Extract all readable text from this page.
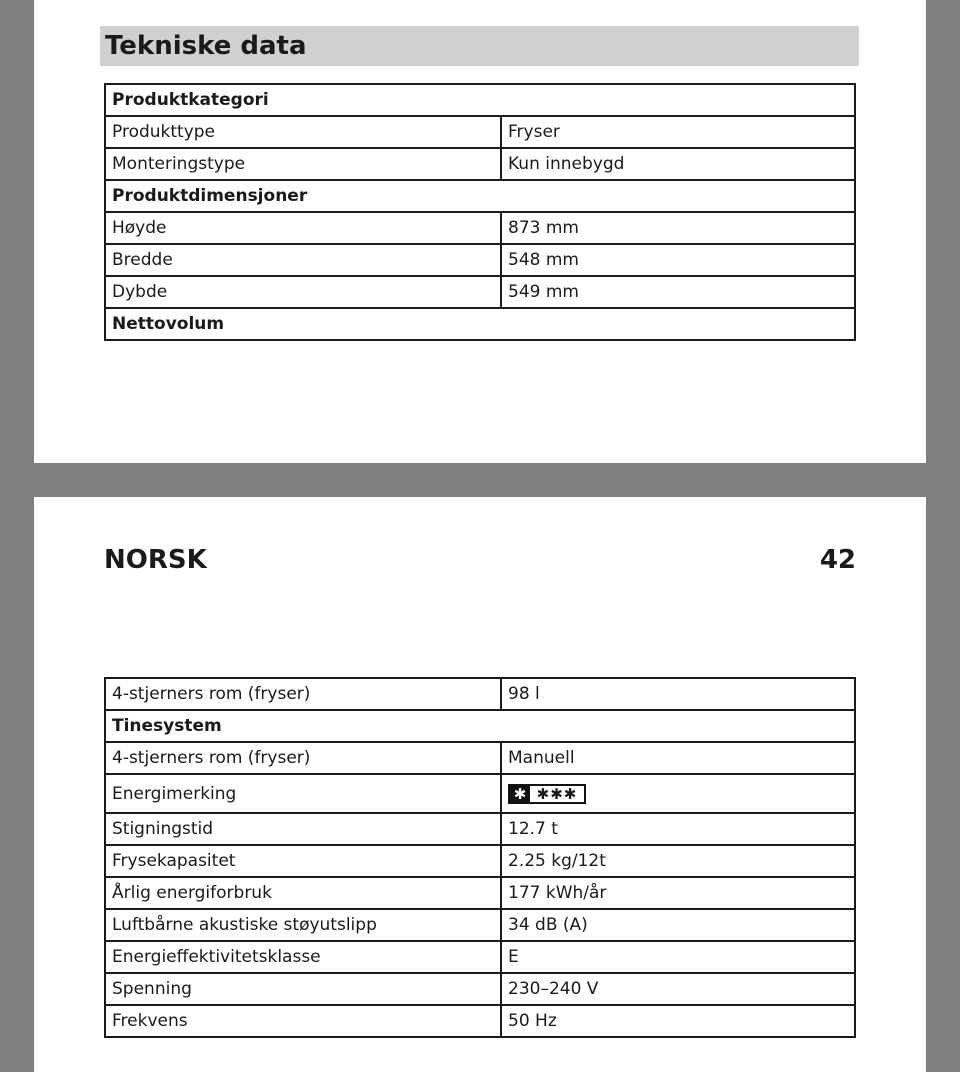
Tekniske data
Produktkategori	
Produkttype	Fryser
Monteringstype	Kun innebygd
Produktdimensjoner	
Høyde	873 mm
Bredde	548 mm
Dybde	549 mm
Nettovolum	
NORSK	42
4-stjerners rom (fryser)	98 l
Tinesystem	
4-stjerners rom (fryser)	Manuell
Energimerking	✱ ✱✱✱

Stigningstid	12.7 t
Frysekapasitet	2.25 kg/12t
Årlig energiforbruk	177 kWh/år
Luftbårne akustiske støyutslipp	34 dB (A)
Energieffektivitetsklasse	E
Spenning	230–240 V
Frekvens	50 Hz
